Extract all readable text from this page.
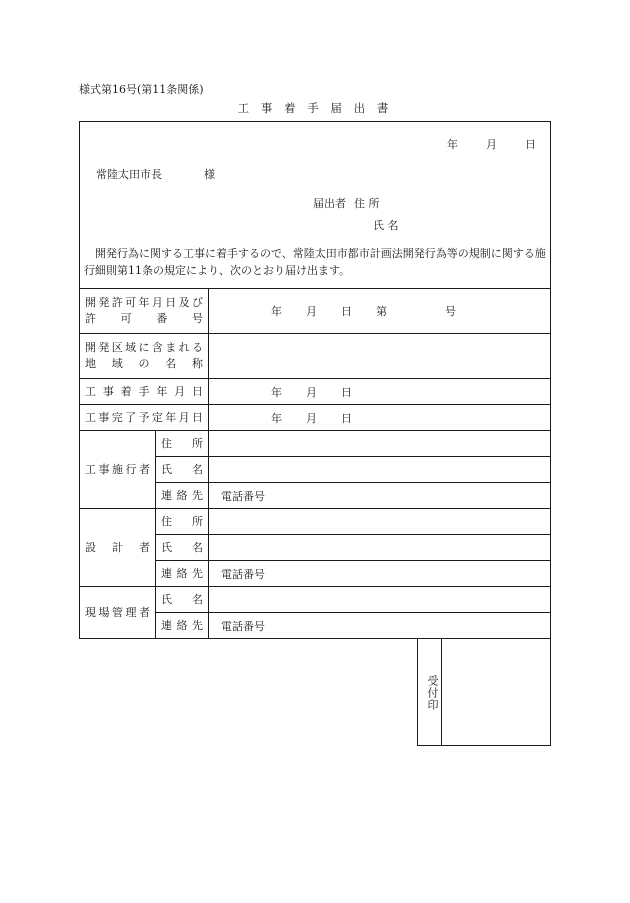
様式第16号(第11条関係)
工 事 着 手 届 出 書
年	月	日
常陸太田市長	様
届出者 住 所
氏 名
開発行為に関する工事に着手するので、常陸太田市都市計画法開発行為等の規制に関する施行細則第11条の規定により、次のとおり届け出ます。
開発許可年月日及び
許 可 番 号		年 月 日 第 号

開発区域に含まれる
地 域 の 名 称		

工事着手年月日		年 月 日
工事完了予定年月日		年 月 日
工事施行者	住 所	
	氏 名	
	連 絡 先	電話番号
設 計 者	住 所	
	氏 名	
	連 絡 先	電話番号
現場管理者	氏 名	
	連 絡 先	電話番号
受付印
